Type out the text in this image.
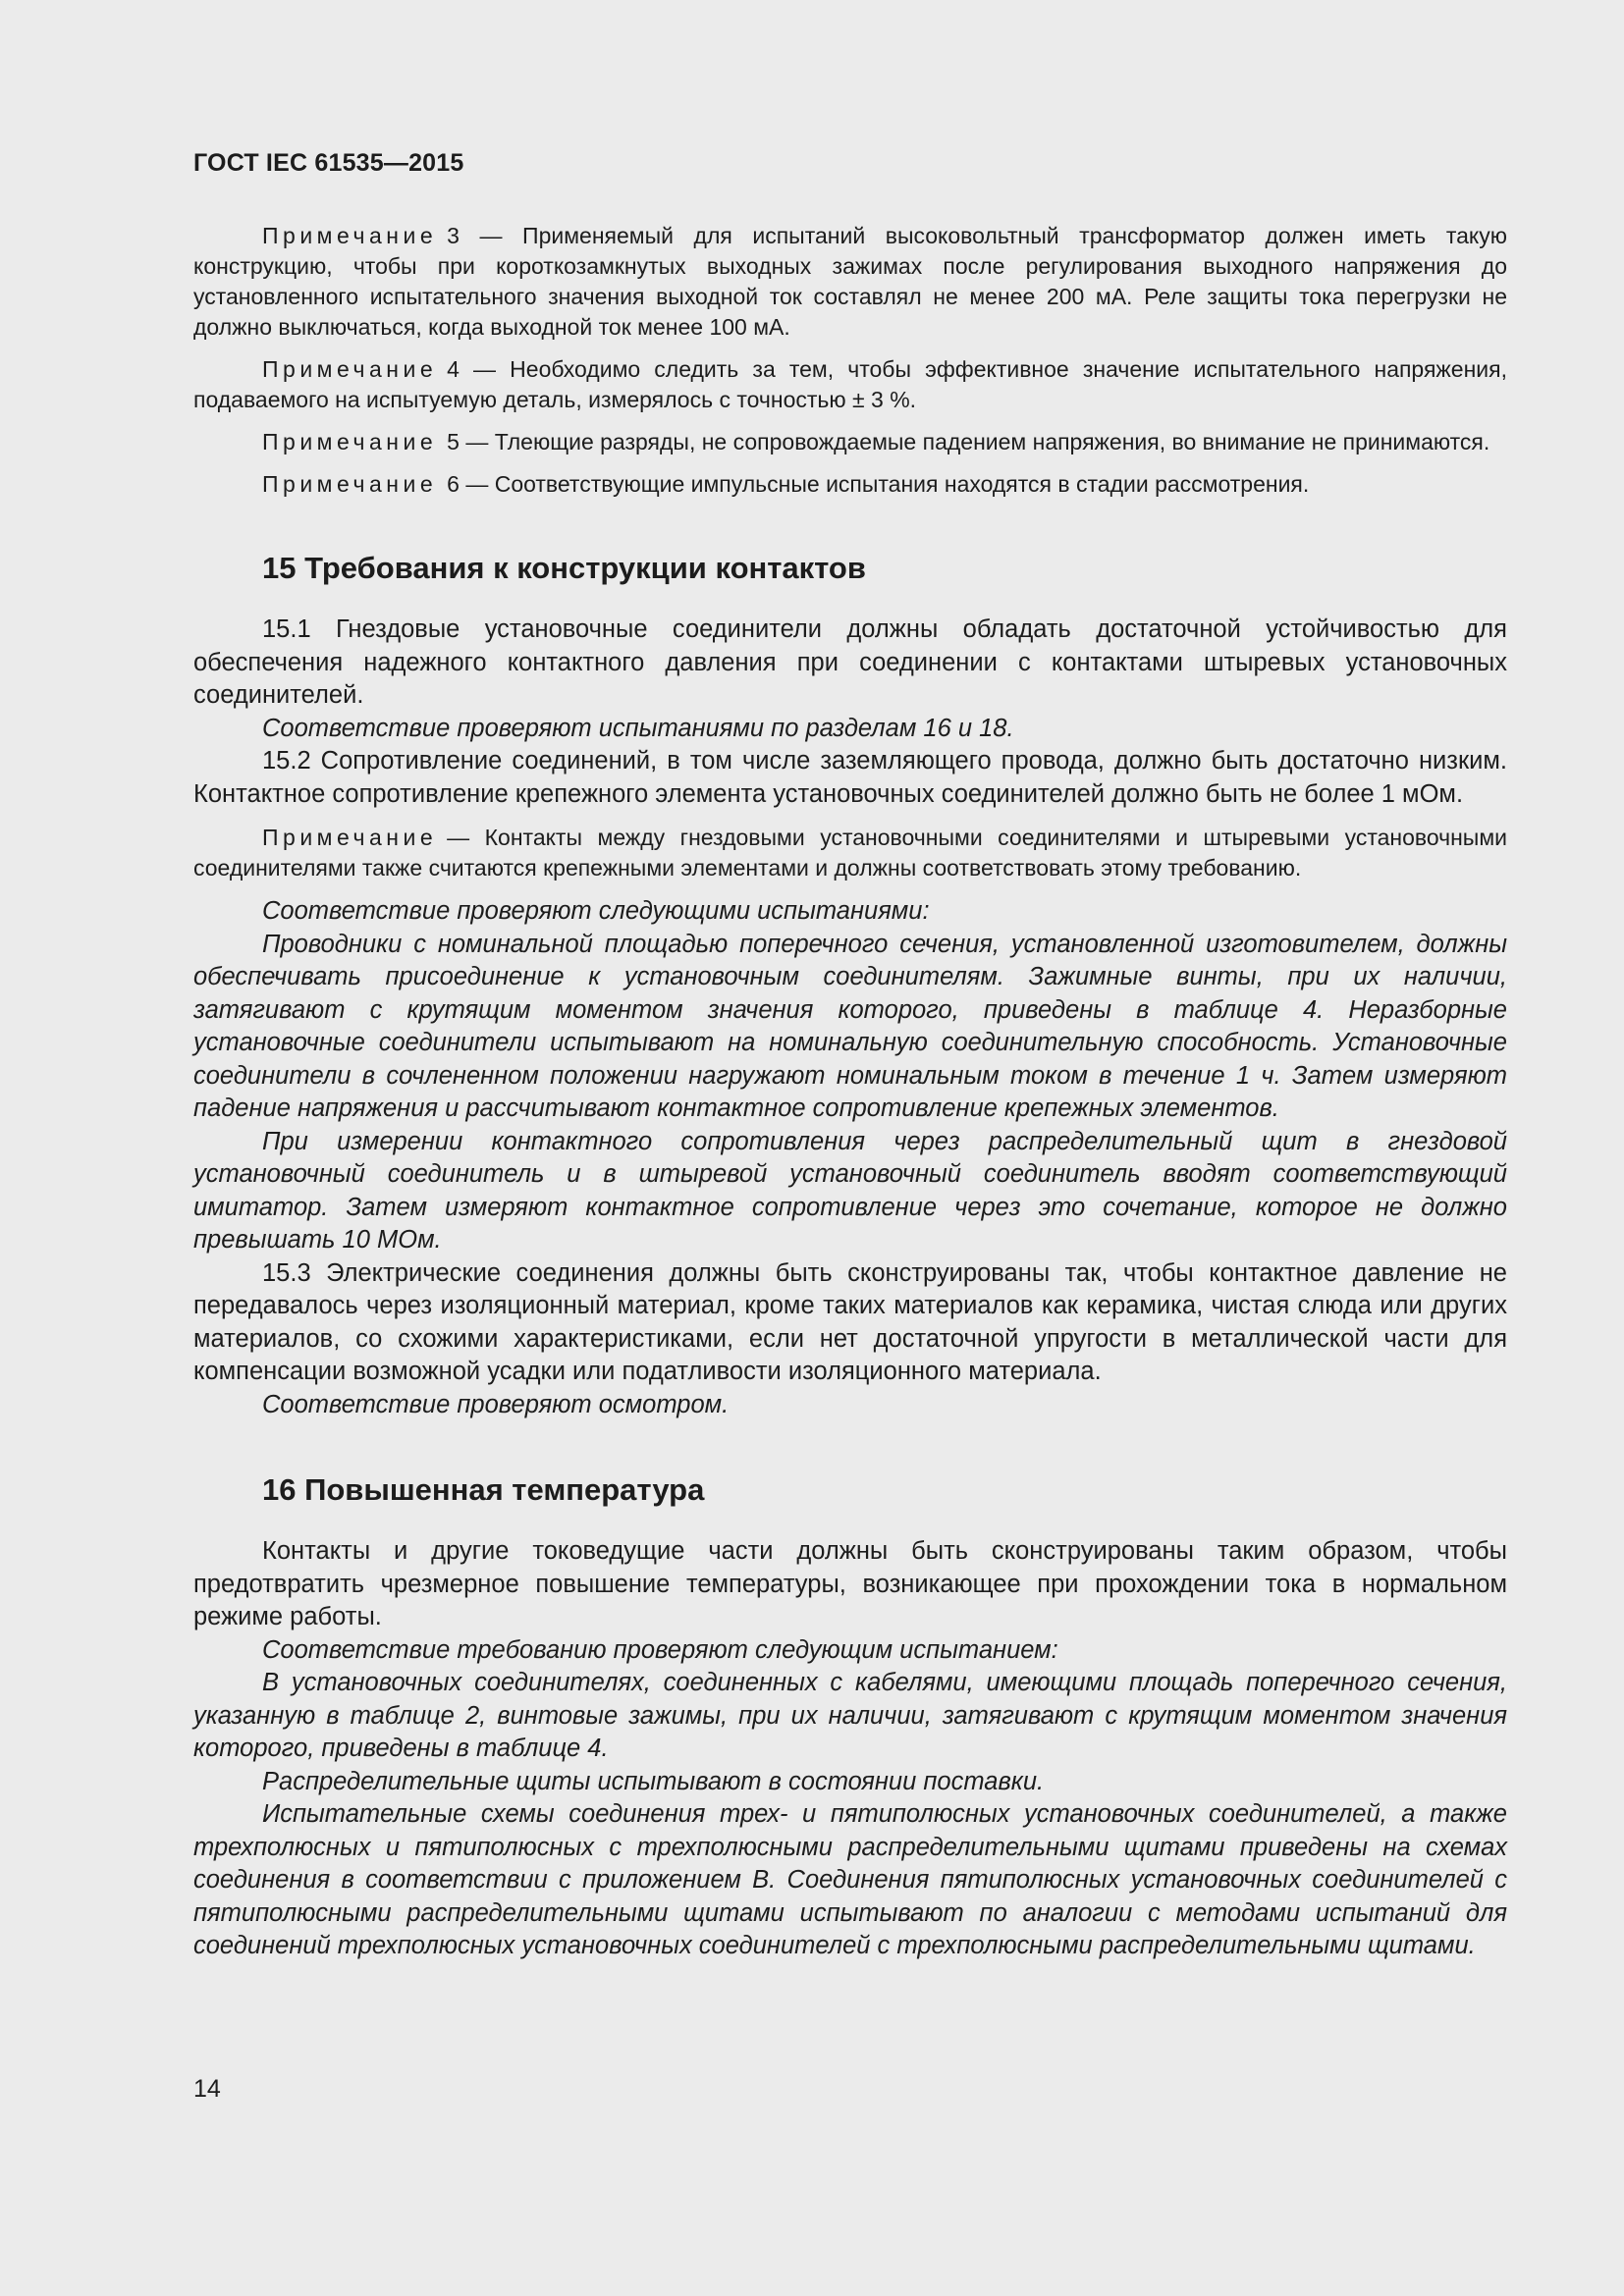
ГОСТ IEC 61535—2015

Примечание 3 — Применяемый для испытаний высоковольтный трансформатор должен иметь такую конструкцию, чтобы при короткозамкнутых выходных зажимах после регулирования выходного напряжения до установленного испытательного значения выходной ток составлял не менее 200 мА. Реле защиты тока перегрузки не должно выключаться, когда выходной ток менее 100 мА.

Примечание 4 — Необходимо следить за тем, чтобы эффективное значение испытательного напряжения, подаваемого на испытуемую деталь, измерялось с точностью ± 3 %.

Примечание 5 — Тлеющие разряды, не сопровождаемые падением напряжения, во внимание не принимаются.

Примечание 6 — Соответствующие импульсные испытания находятся в стадии рассмотрения.

15 Требования к конструкции контактов

15.1 Гнездовые установочные соединители должны обладать достаточной устойчивостью для обеспечения надежного контактного давления при соединении с контактами штыревых установочных соединителей.

Соответствие проверяют испытаниями по разделам 16 и 18.

15.2 Сопротивление соединений, в том числе заземляющего провода, должно быть достаточно низким. Контактное сопротивление крепежного элемента установочных соединителей должно быть не более 1 мОм.

Примечание — Контакты между гнездовыми установочными соединителями и штыревыми установочными соединителями также считаются крепежными элементами и должны соответствовать этому требованию.

Соответствие проверяют следующими испытаниями:

Проводники с номинальной площадью поперечного сечения, установленной изготовителем, должны обеспечивать присоединение к установочным соединителям. Зажимные винты, при их наличии, затягивают с крутящим моментом значения которого, приведены в таблице 4. Неразборные установочные соединители испытывают на номинальную соединительную способность. Установочные соединители в сочлененном положении нагружают номинальным током в течение 1 ч. Затем измеряют падение напряжения и рассчитывают контактное сопротивление крепежных элементов.

При измерении контактного сопротивления через распределительный щит в гнездовой установочный соединитель и в штыревой установочный соединитель вводят соответствующий имитатор. Затем измеряют контактное сопротивление через это сочетание, которое не должно превышать 10 МОм.

15.3 Электрические соединения должны быть сконструированы так, чтобы контактное давление не передавалось через изоляционный материал, кроме таких материалов как керамика, чистая слюда или других материалов, со схожими характеристиками, если нет достаточной упругости в металлической части для компенсации возможной усадки или податливости изоляционного материала.

Соответствие проверяют осмотром.

16 Повышенная температура

Контакты и другие токоведущие части должны быть сконструированы таким образом, чтобы предотвратить чрезмерное повышение температуры, возникающее при прохождении тока в нормальном режиме работы.

Соответствие требованию проверяют следующим испытанием:

В установочных соединителях, соединенных с кабелями, имеющими площадь поперечного сечения, указанную в таблице 2, винтовые зажимы, при их наличии, затягивают с крутящим моментом значения которого, приведены в таблице 4.

Распределительные щиты испытывают в состоянии поставки.

Испытательные схемы соединения трех- и пятиполюсных установочных соединителей, а также трехполюсных и пятиполюсных с трехполюсными распределительными щитами приведены на схемах соединения в соответствии с приложением В. Соединения пятиполюсных установочных соединителей с пятиполюсными распределительными щитами испытывают по аналогии с методами испытаний для соединений трехполюсных установочных соединителей с трехполюсными распределительными щитами.

14
